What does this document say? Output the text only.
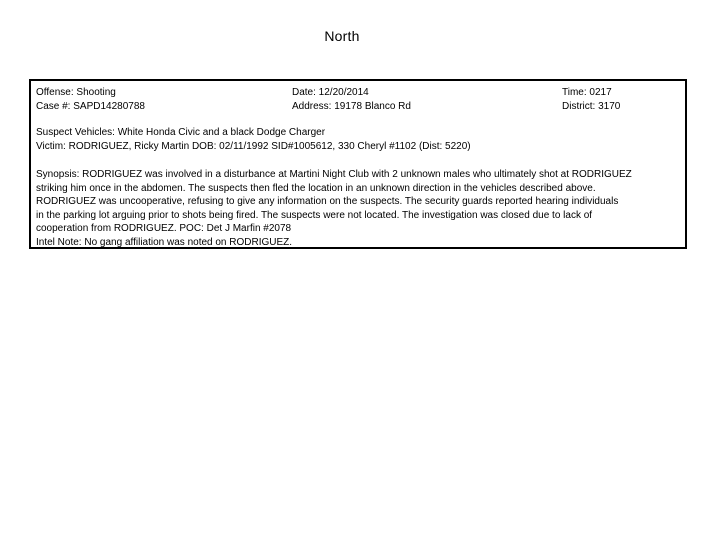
North
Offense: Shooting
Case #: SAPD14280788
Date: 12/20/2014
Address: 19178 Blanco Rd
Time: 0217
District: 3170
Suspect Vehicles: White Honda Civic and a black Dodge Charger
Victim: RODRIGUEZ, Ricky Martin DOB: 02/11/1992 SID#1005612, 330 Cheryl #1102 (Dist: 5220)
Synopsis: RODRIGUEZ was involved in a disturbance at Martini Night Club with 2 unknown males who ultimately shot at RODRIGUEZ
striking him once in the abdomen. The suspects then fled the location in an unknown direction in the vehicles described above.
RODRIGUEZ was uncooperative, refusing to give any information on the suspects. The security guards reported hearing individuals
in the parking lot arguing prior to shots being fired. The suspects were not located. The investigation was closed due to lack of
cooperation from RODRIGUEZ. POC: Det J Marfin #2078
Intel Note: No gang affiliation was noted on RODRIGUEZ.
